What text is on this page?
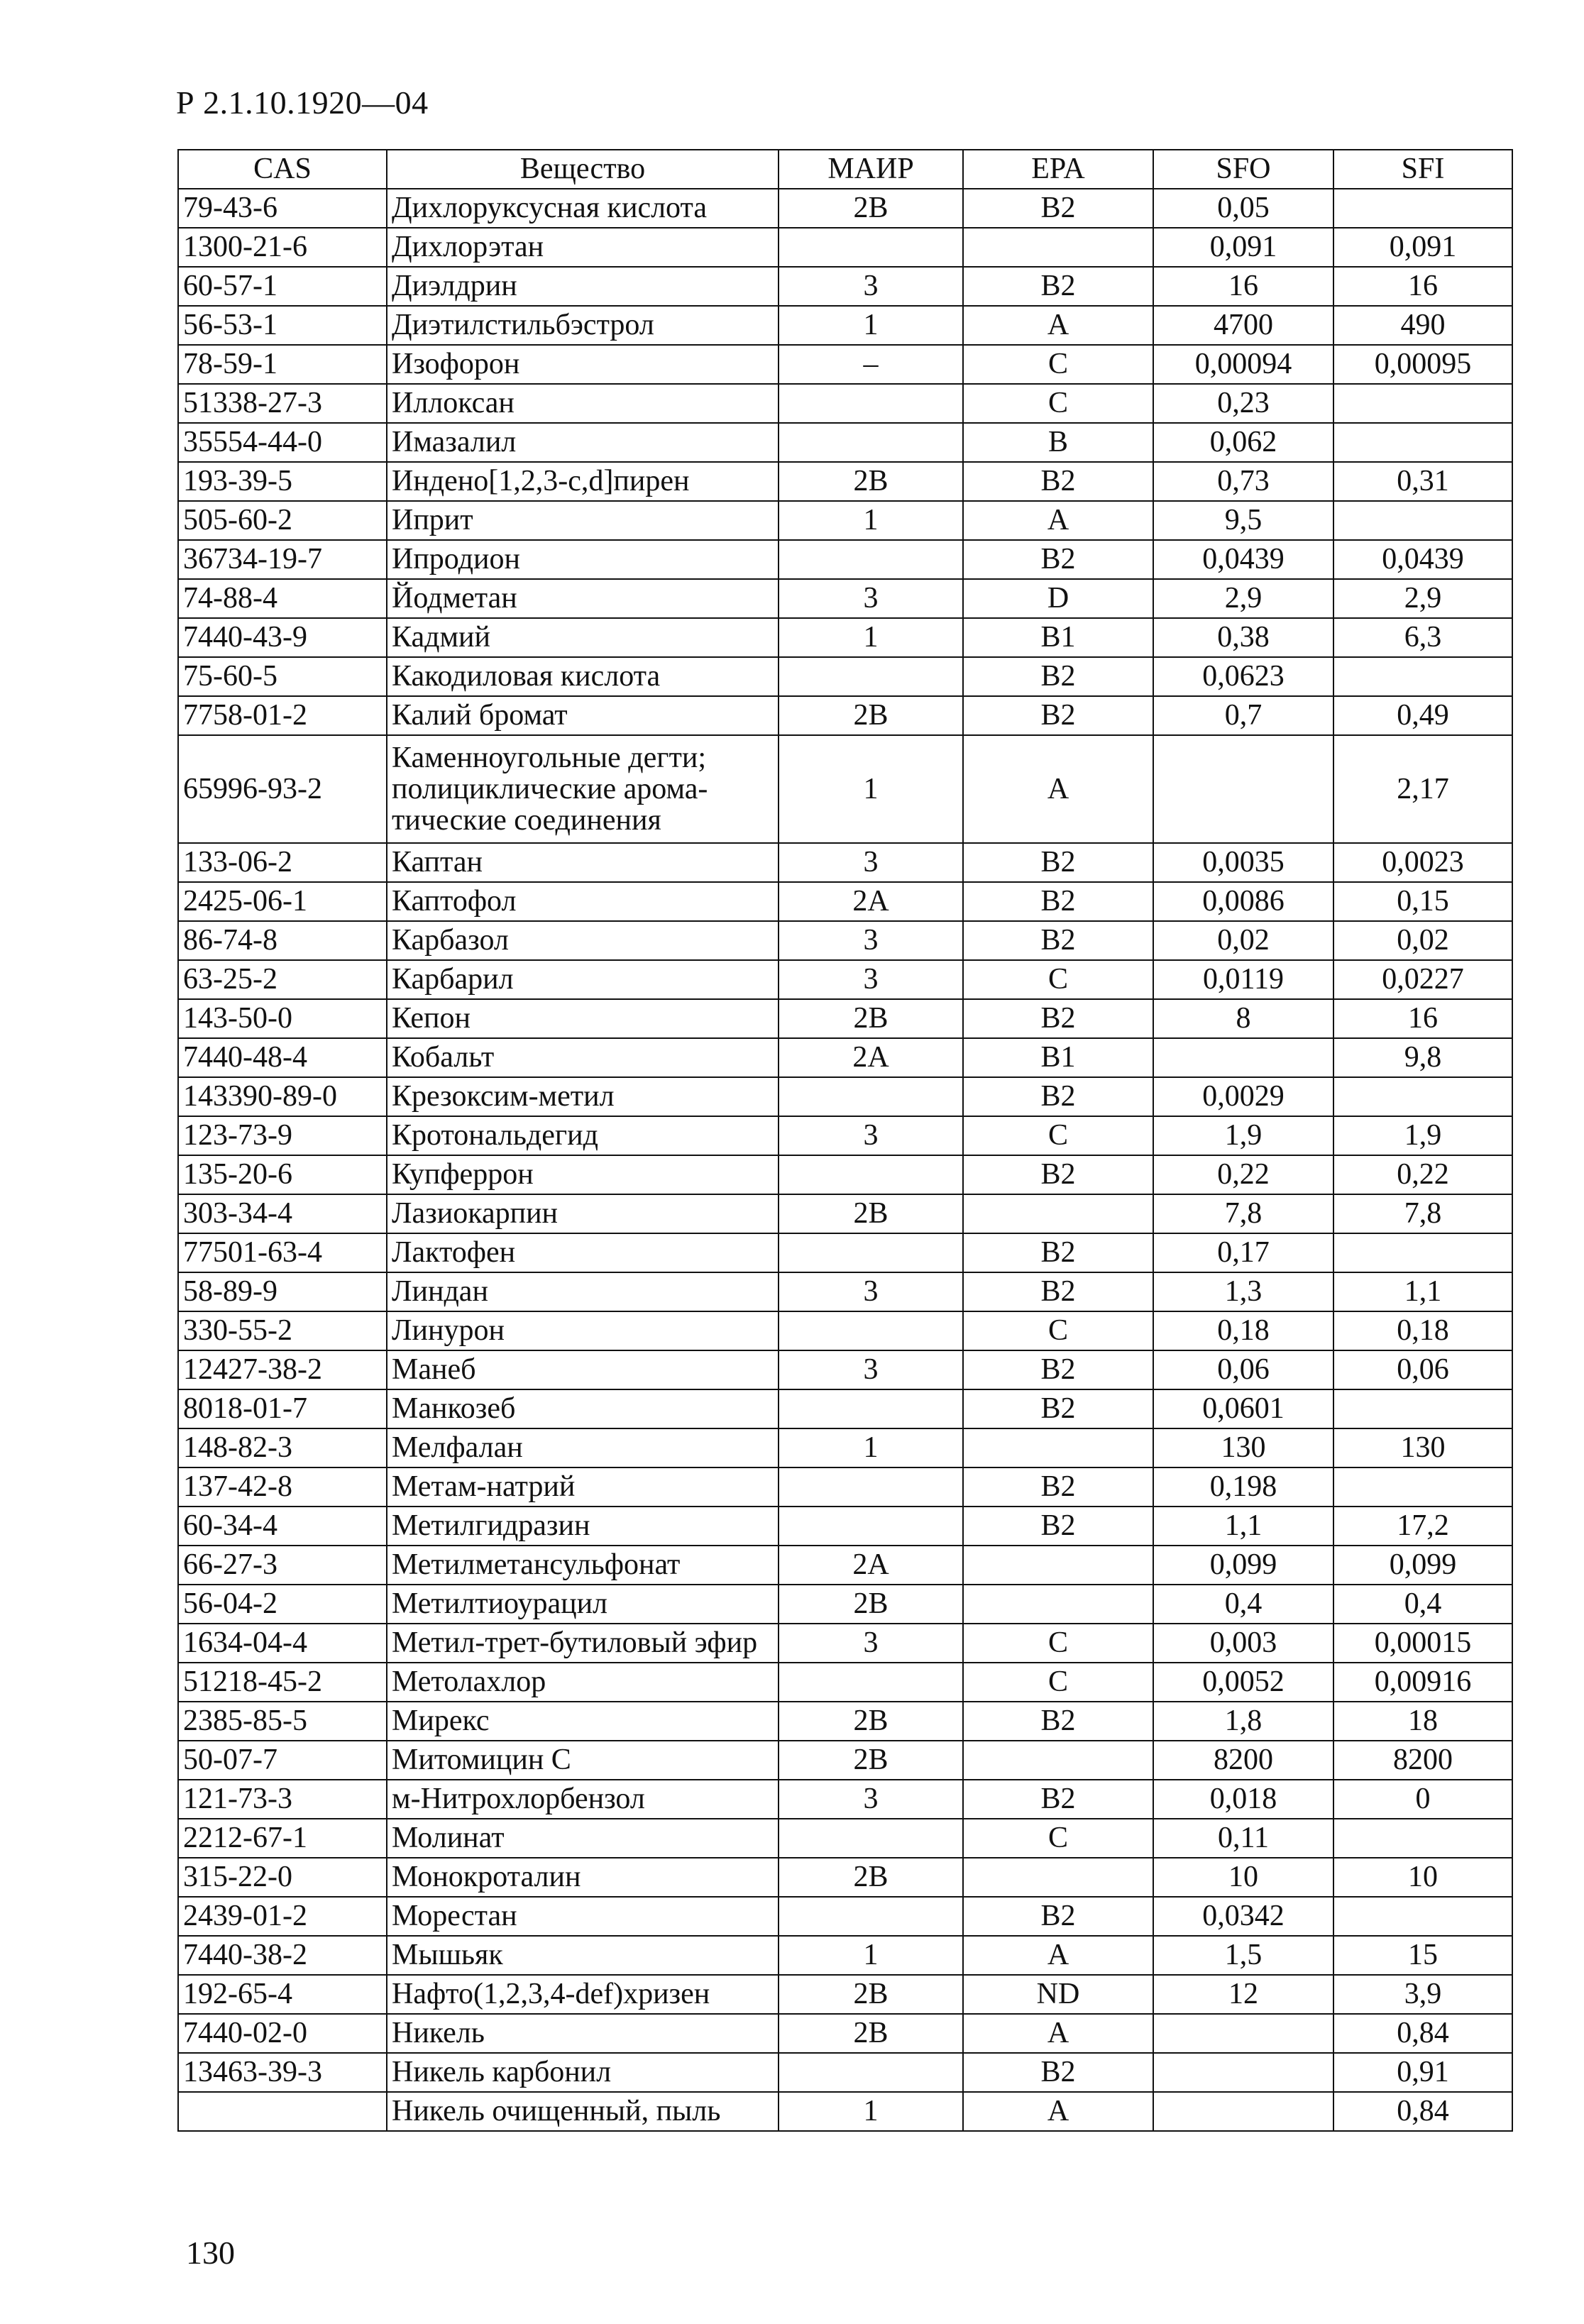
Р 2.1.10.1920—04
CAS	Вещество	МАИР	EPA	SFO	SFI
79-43-6	Дихлоруксусная кислота	2B	B2	0,05	
1300-21-6	Дихлорэтан			0,091	0,091
60-57-1	Диэлдрин	3	B2	16	16
56-53-1	Диэтилстильбэстрол	1	A	4700	490
78-59-1	Изофорон	–	C	0,00094	0,00095
51338-27-3	Иллоксан		C	0,23	
35554-44-0	Имазалил		B	0,062	
193-39-5	Индено[1,2,3-c,d]пирен	2B	B2	0,73	0,31
505-60-2	Иприт	1	A	9,5	
36734-19-7	Ипродион		B2	0,0439	0,0439
74-88-4	Йодметан	3	D	2,9	2,9
7440-43-9	Кадмий	1	B1	0,38	6,3
75-60-5	Какодиловая кислота		B2	0,0623	
7758-01-2	Калий бромат	2B	B2	0,7	0,49
65996-93-2	Каменноугольные дегти; полициклические арома-тические соединения	1	A		2,17
133-06-2	Каптан	3	B2	0,0035	0,0023
2425-06-1	Каптофол	2A	B2	0,0086	0,15
86-74-8	Карбазол	3	B2	0,02	0,02
63-25-2	Карбарил	3	C	0,0119	0,0227
143-50-0	Кепон	2B	B2	8	16
7440-48-4	Кобальт	2A	B1		9,8
143390-89-0	Крезоксим-метил		B2	0,0029	
123-73-9	Кротональдегид	3	C	1,9	1,9
135-20-6	Купферрон		B2	0,22	0,22
303-34-4	Лазиокарпин	2B		7,8	7,8
77501-63-4	Лактофен		B2	0,17	
58-89-9	Линдан	3	B2	1,3	1,1
330-55-2	Линурон		C	0,18	0,18
12427-38-2	Манеб	3	B2	0,06	0,06
8018-01-7	Манкозеб		B2	0,0601	
148-82-3	Мелфалан	1		130	130
137-42-8	Метам-натрий		B2	0,198	
60-34-4	Метилгидразин		B2	1,1	17,2
66-27-3	Метилметансульфонат	2A		0,099	0,099
56-04-2	Метилтиоурацил	2B		0,4	0,4
1634-04-4	Метил-трет-бутиловый эфир	3	C	0,003	0,00015
51218-45-2	Метолахлор		C	0,0052	0,00916
2385-85-5	Мирекс	2B	B2	1,8	18
50-07-7	Митомицин С	2B		8200	8200
121-73-3	м-Нитрохлорбензол	3	B2	0,018	0
2212-67-1	Молинат		C	0,11	
315-22-0	Монокроталин	2B		10	10
2439-01-2	Морестан		B2	0,0342	
7440-38-2	Мышьяк	1	A	1,5	15
192-65-4	Нафто(1,2,3,4-def)хризен	2B	ND	12	3,9
7440-02-0	Никель	2B	A		0,84
13463-39-3	Никель карбонил		B2		0,91
	Никель очищенный, пыль	1	A		0,84
130
